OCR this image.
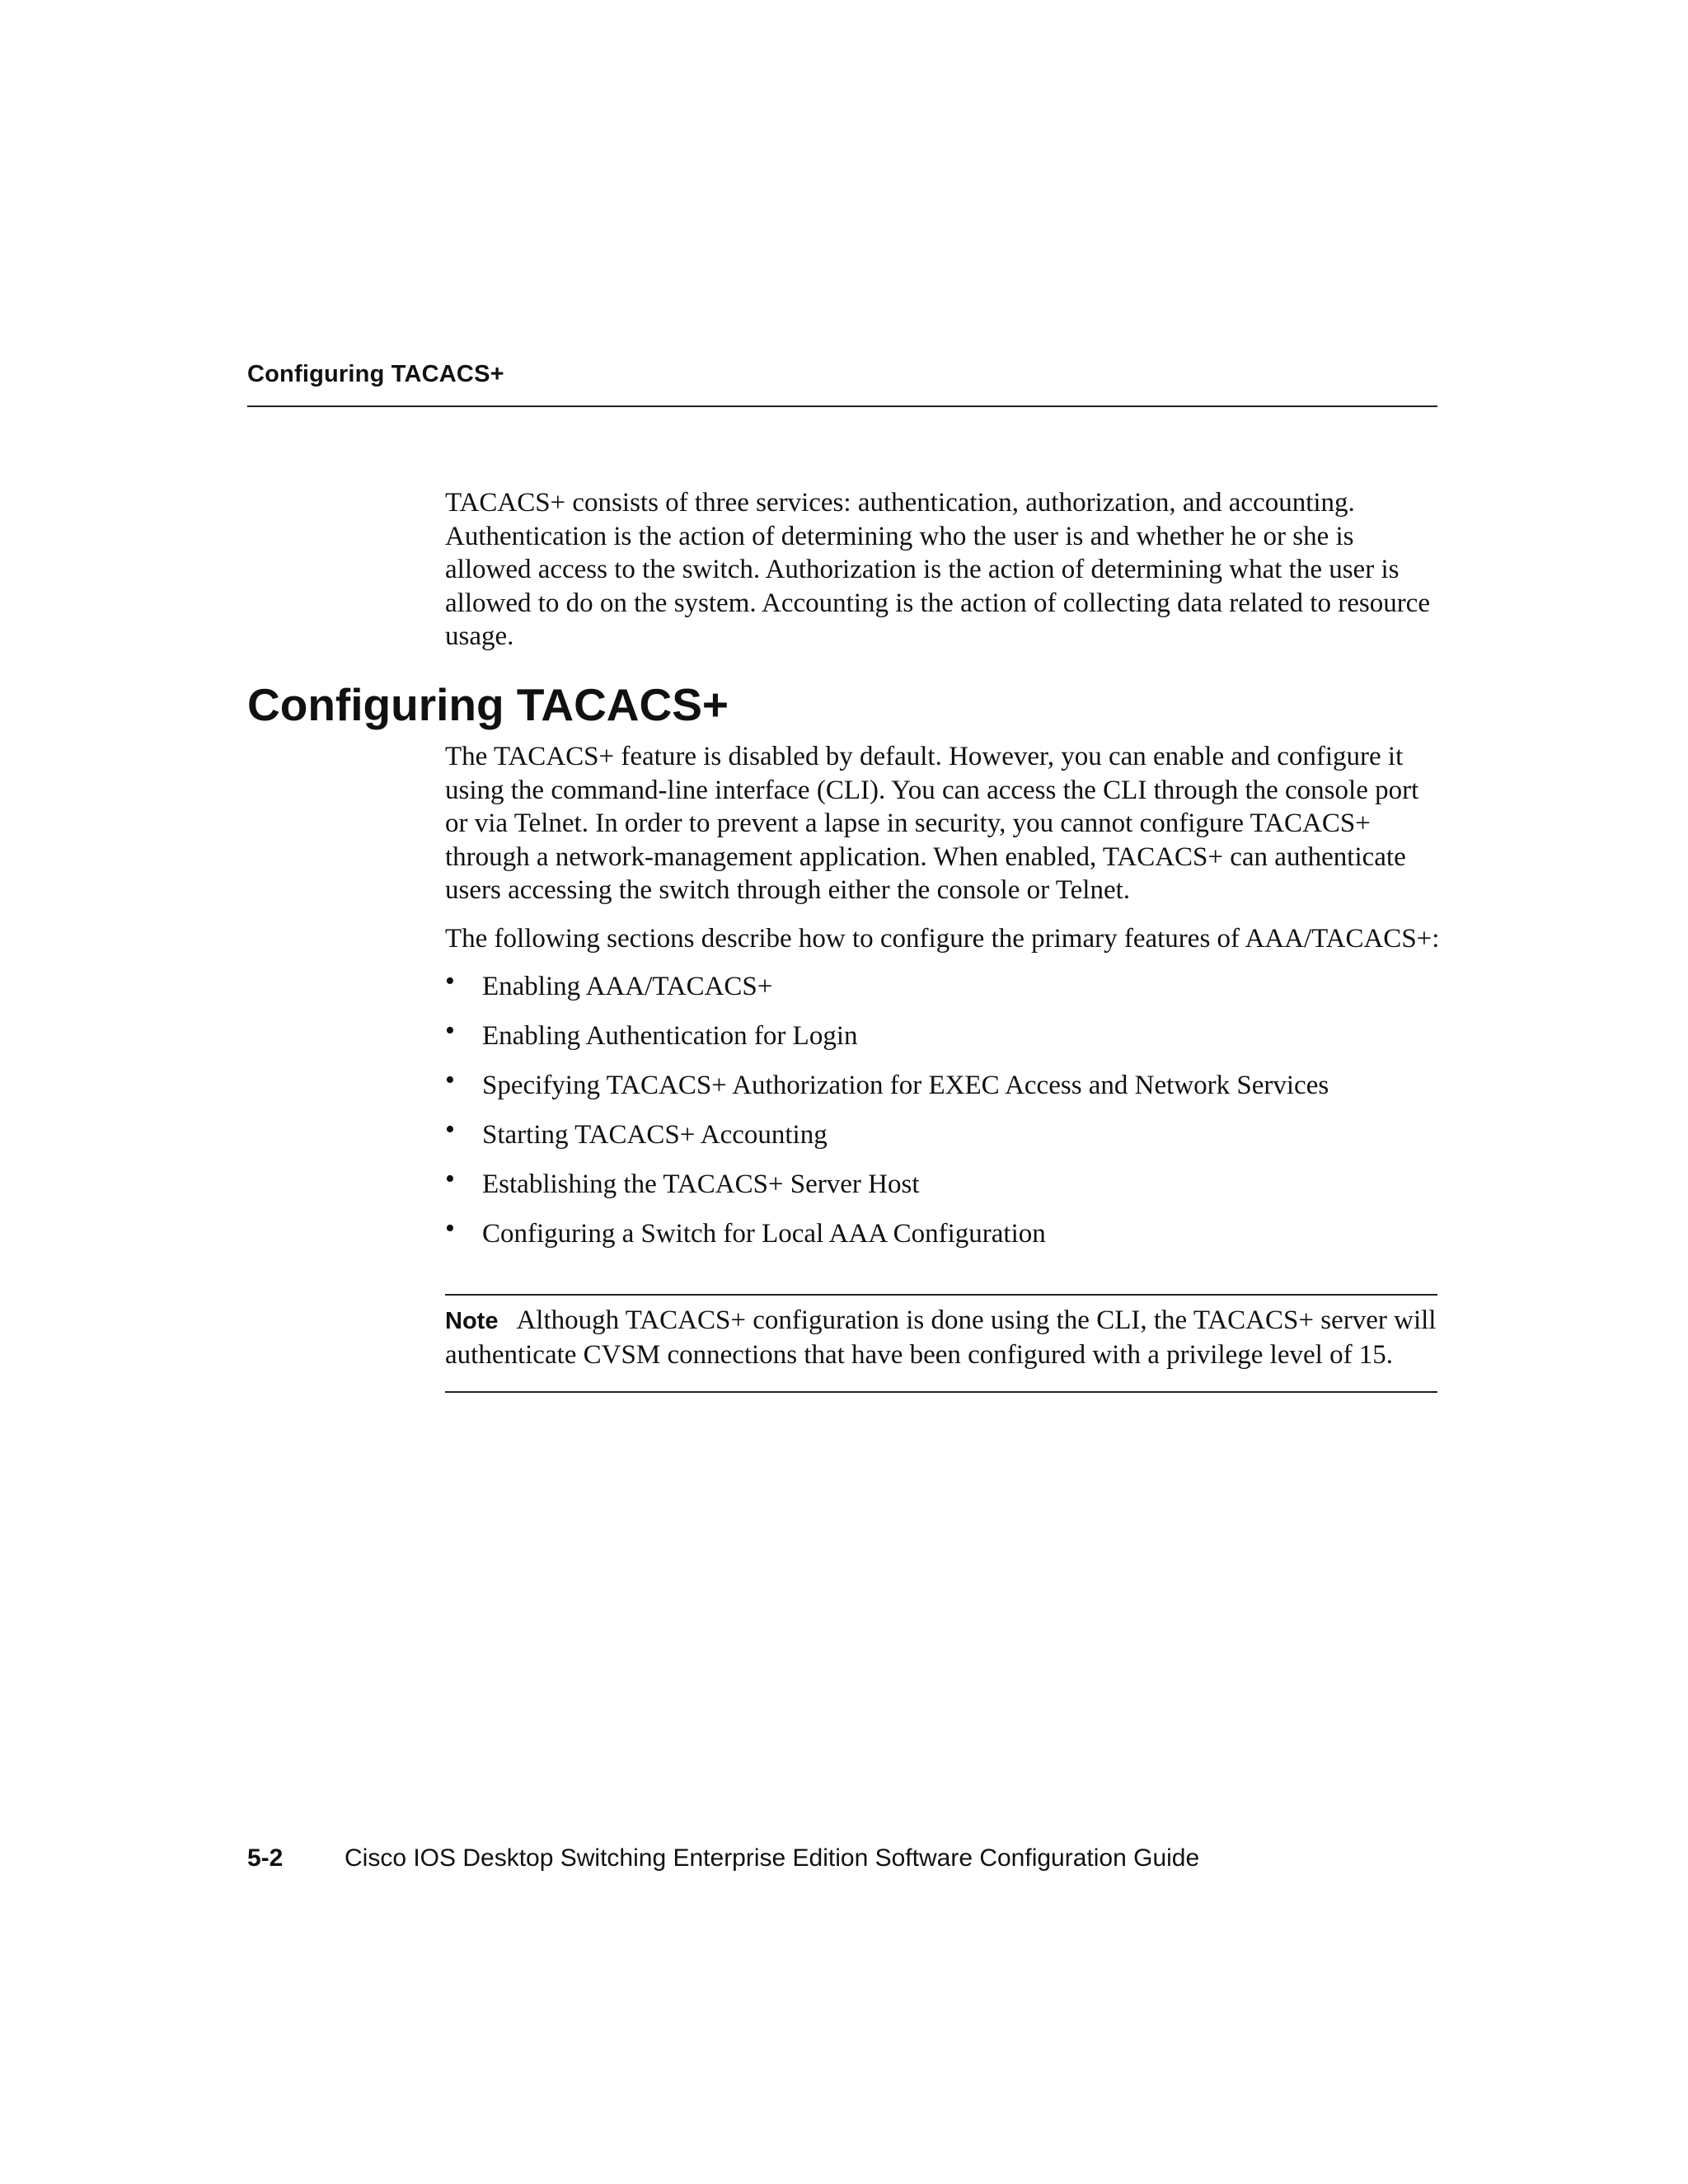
Configuring TACACS+

TACACS+ consists of three services: authentication, authorization, and accounting. Authentication is the action of determining who the user is and whether he or she is allowed access to the switch. Authorization is the action of determining what the user is allowed to do on the system. Accounting is the action of collecting data related to resource usage.

Configuring TACACS+

The TACACS+ feature is disabled by default. However, you can enable and configure it using the command-line interface (CLI). You can access the CLI through the console port or via Telnet. In order to prevent a lapse in security, you cannot configure TACACS+ through a network-management application. When enabled, TACACS+ can authenticate users accessing the switch through either the console or Telnet.

The following sections describe how to configure the primary features of AAA/TACACS+:

• Enabling AAA/TACACS+
• Enabling Authentication for Login
• Specifying TACACS+ Authorization for EXEC Access and Network Services
• Starting TACACS+ Accounting
• Establishing the TACACS+ Server Host
• Configuring a Switch for Local AAA Configuration
Note Although TACACS+ configuration is done using the CLI, the TACACS+ server will authenticate CVSM connections that have been configured with a privilege level of 15.
5-2 Cisco IOS Desktop Switching Enterprise Edition Software Configuration Guide
